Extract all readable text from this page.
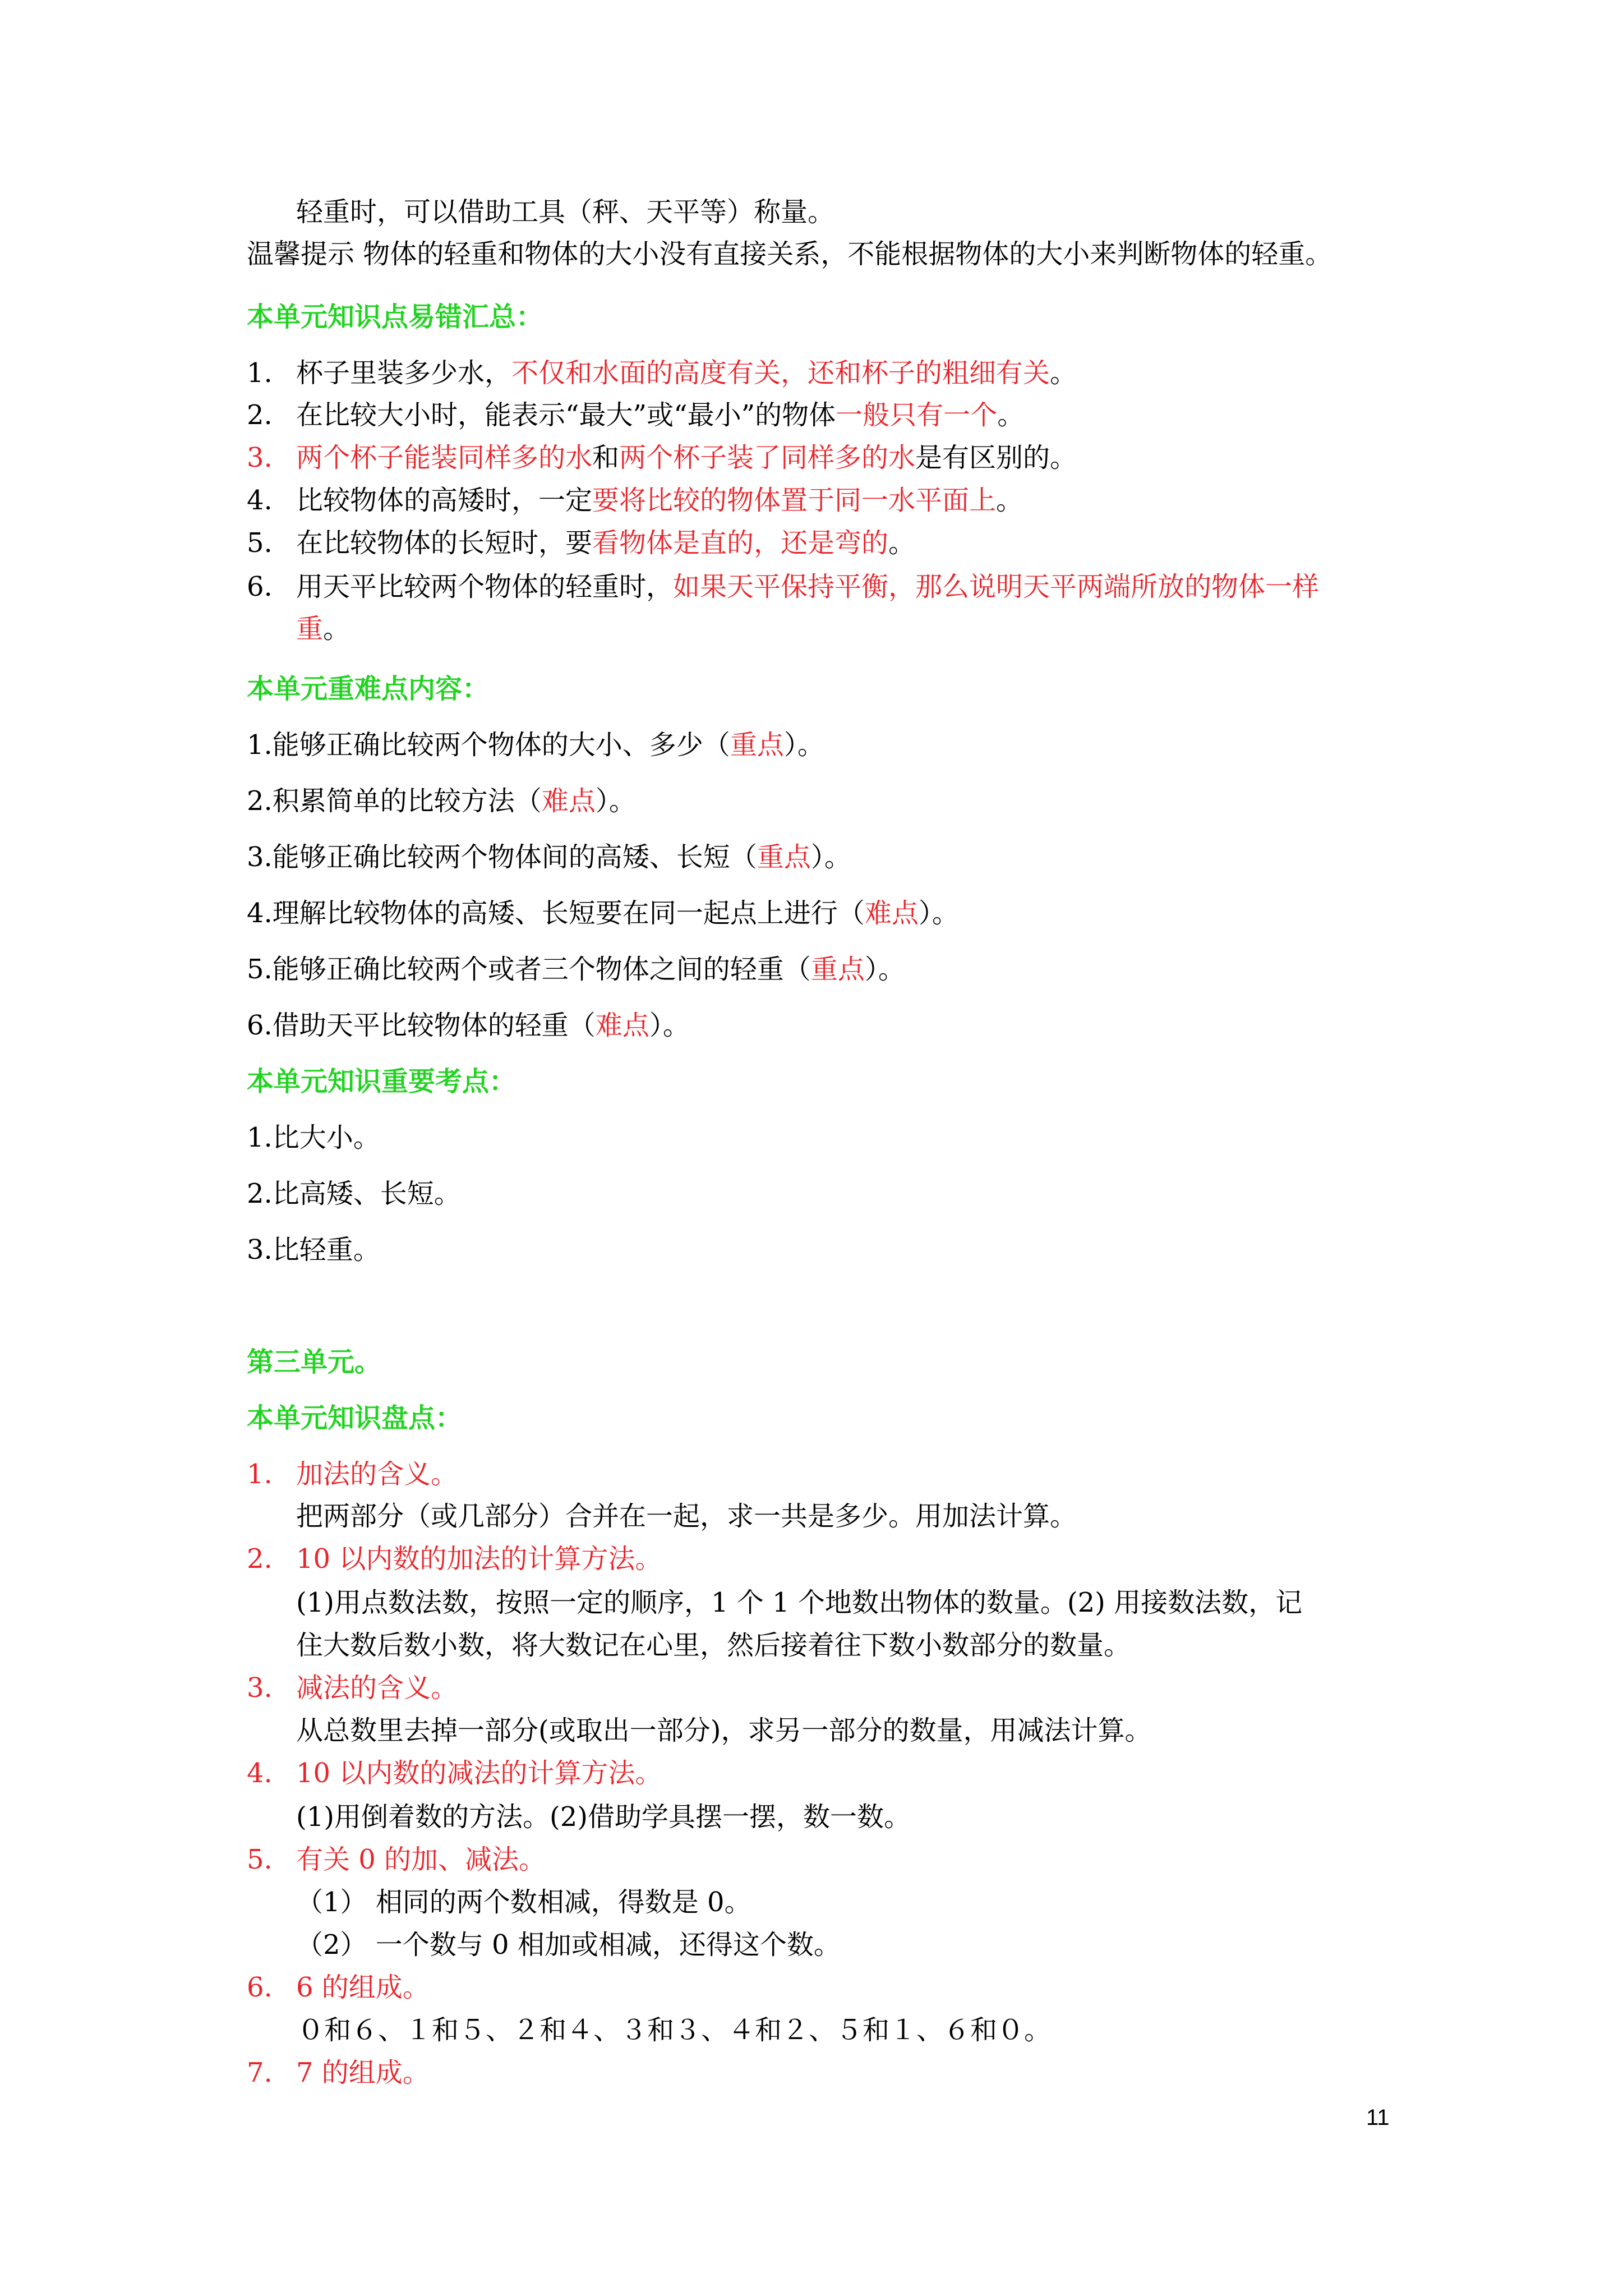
轻重时，可以借助工具（秤、天平等）称量。
温馨提示 物体的轻重和物体的大小没有直接关系，不能根据物体的大小来判断物体的轻重。
本单元知识点易错汇总：
1. 杯子里装多少水，不仅和水面的高度有关，还和杯子的粗细有关。
2. 在比较大小时，能表示“最大”或“最小”的物体一般只有一个。
3. 两个杯子能装同样多的水和两个杯子装了同样多的水是有区别的。
4. 比较物体的高矮时，一定要将比较的物体置于同一水平面上。
5. 在比较物体的长短时，要看物体是直的，还是弯的。
6. 用天平比较两个物体的轻重时，如果天平保持平衡，那么说明天平两端所放的物体一样
重。
本单元重难点内容：
1.能够正确比较两个物体的大小、多少（重点）。
2.积累简单的比较方法（难点）。
3.能够正确比较两个物体间的高矮、长短（重点）。
4.理解比较物体的高矮、长短要在同一起点上进行（难点）。
5.能够正确比较两个或者三个物体之间的轻重（重点）。
6.借助天平比较物体的轻重（难点）。
本单元知识重要考点：
1.比大小。
2.比高矮、长短。
3.比轻重。
第三单元。
本单元知识盘点：
1. 加法的含义。
把两部分（或几部分）合并在一起，求一共是多少。用加法计算。
2. 10 以内数的加法的计算方法。
(1)用点数法数，按照一定的顺序，1 个 1 个地数出物体的数量。(2) 用接数法数，记
住大数后数小数，将大数记在心里，然后接着往下数小数部分的数量。
3. 减法的含义。
从总数里去掉一部分(或取出一部分)，求另一部分的数量，用减法计算。
4. 10 以内数的减法的计算方法。
(1)用倒着数的方法。(2)借助学具摆一摆，数一数。
5. 有关 0 的加、减法。
（1） 相同的两个数相减，得数是 0。
（2） 一个数与 0 相加或相减，还得这个数。
6. 6 的组成。
０和６、１和５、２和４、３和３、４和２、５和１、６和０。
7. 7 的组成。
11
